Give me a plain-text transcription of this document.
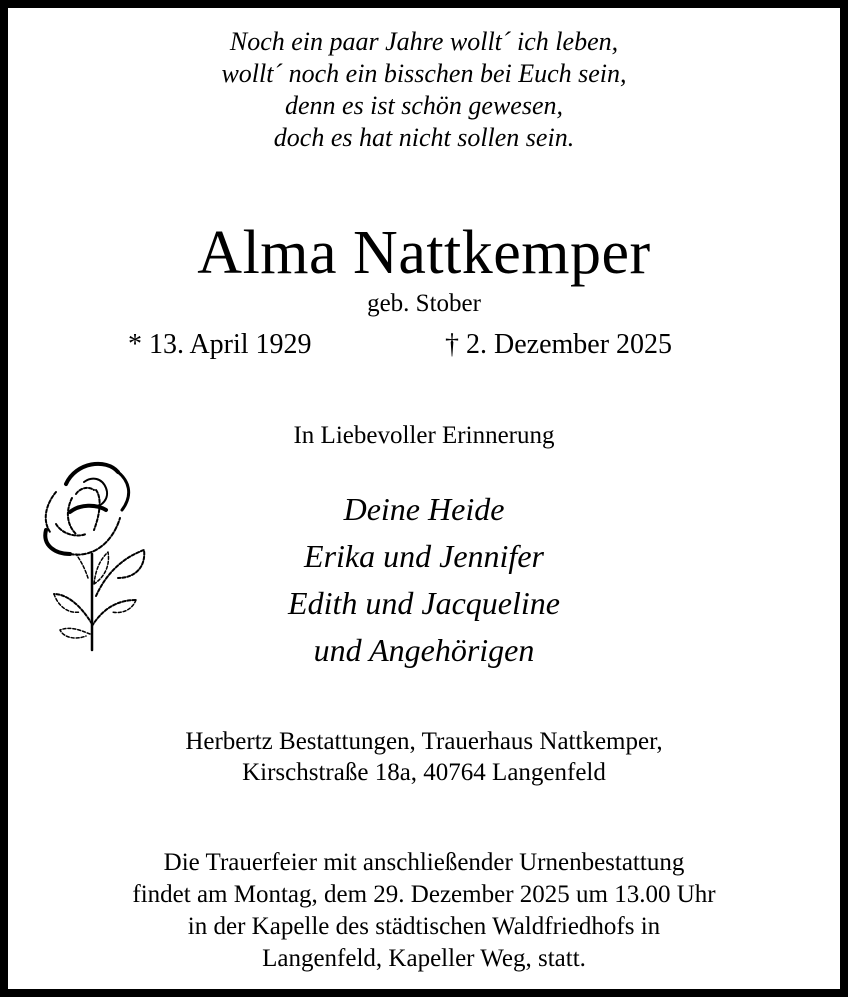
Noch ein paar Jahre wollt´ ich leben,
wollt´ noch ein bisschen bei Euch sein,
denn es ist schön gewesen,
doch es hat nicht sollen sein.
Alma Nattkemper
geb. Stober
* 13. April 1929	† 2. Dezember 2025
In Liebevoller Erinnerung
Deine Heide
Erika und Jennifer
Edith und Jacqueline
und Angehörigen
Herbertz Bestattungen, Trauerhaus Nattkemper,
Kirschstraße 18a, 40764 Langenfeld
Die Trauerfeier mit anschließender Urnenbestattung
findet am Montag, dem 29. Dezember 2025 um 13.00 Uhr
in der Kapelle des städtischen Waldfriedhofs in
Langenfeld, Kapeller Weg, statt.
